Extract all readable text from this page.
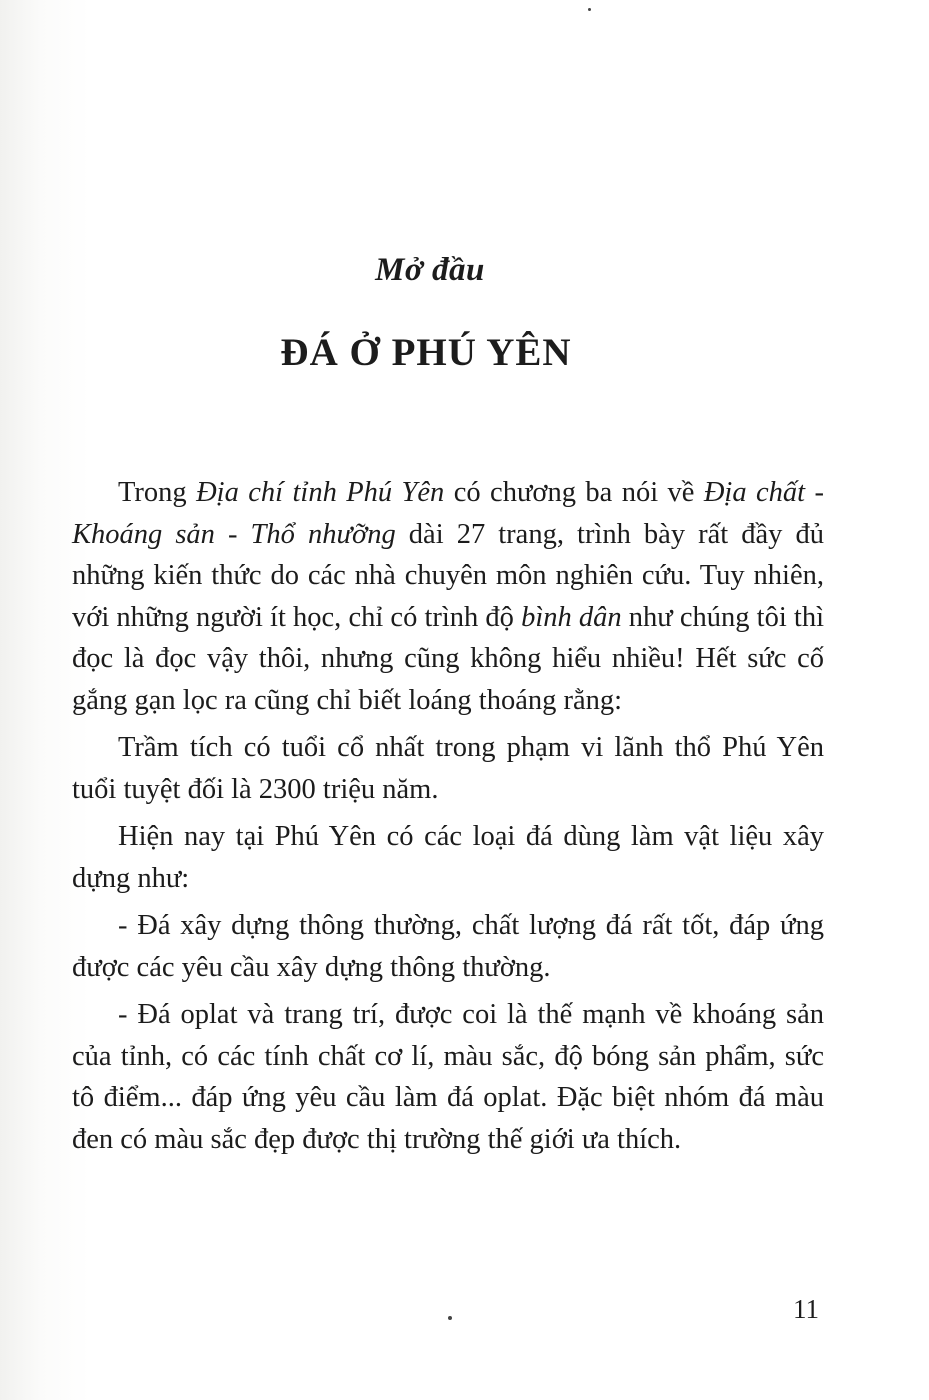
Mở đầu
ĐÁ Ở PHÚ YÊN

Trong Địa chí tỉnh Phú Yên có chương ba nói về Địa chất - Khoáng sản - Thổ nhưỡng dài 27 trang, trình bày rất đầy đủ những kiến thức do các nhà chuyên môn nghiên cứu. Tuy nhiên, với những người ít học, chỉ có trình độ bình dân như chúng tôi thì đọc là đọc vậy thôi, nhưng cũng không hiểu nhiều! Hết sức cố gắng gạn lọc ra cũng chỉ biết loáng thoáng rằng:

Trầm tích có tuổi cổ nhất trong phạm vi lãnh thổ Phú Yên tuổi tuyệt đối là 2300 triệu năm.

Hiện nay tại Phú Yên có các loại đá dùng làm vật liệu xây dựng như:

- Đá xây dựng thông thường, chất lượng đá rất tốt, đáp ứng được các yêu cầu xây dựng thông thường.

- Đá oplat và trang trí, được coi là thế mạnh về khoáng sản của tỉnh, có các tính chất cơ lí, màu sắc, độ bóng sản phẩm, sức tô điểm... đáp ứng yêu cầu làm đá oplat. Đặc biệt nhóm đá màu đen có màu sắc đẹp được thị trường thế giới ưa thích.

11
